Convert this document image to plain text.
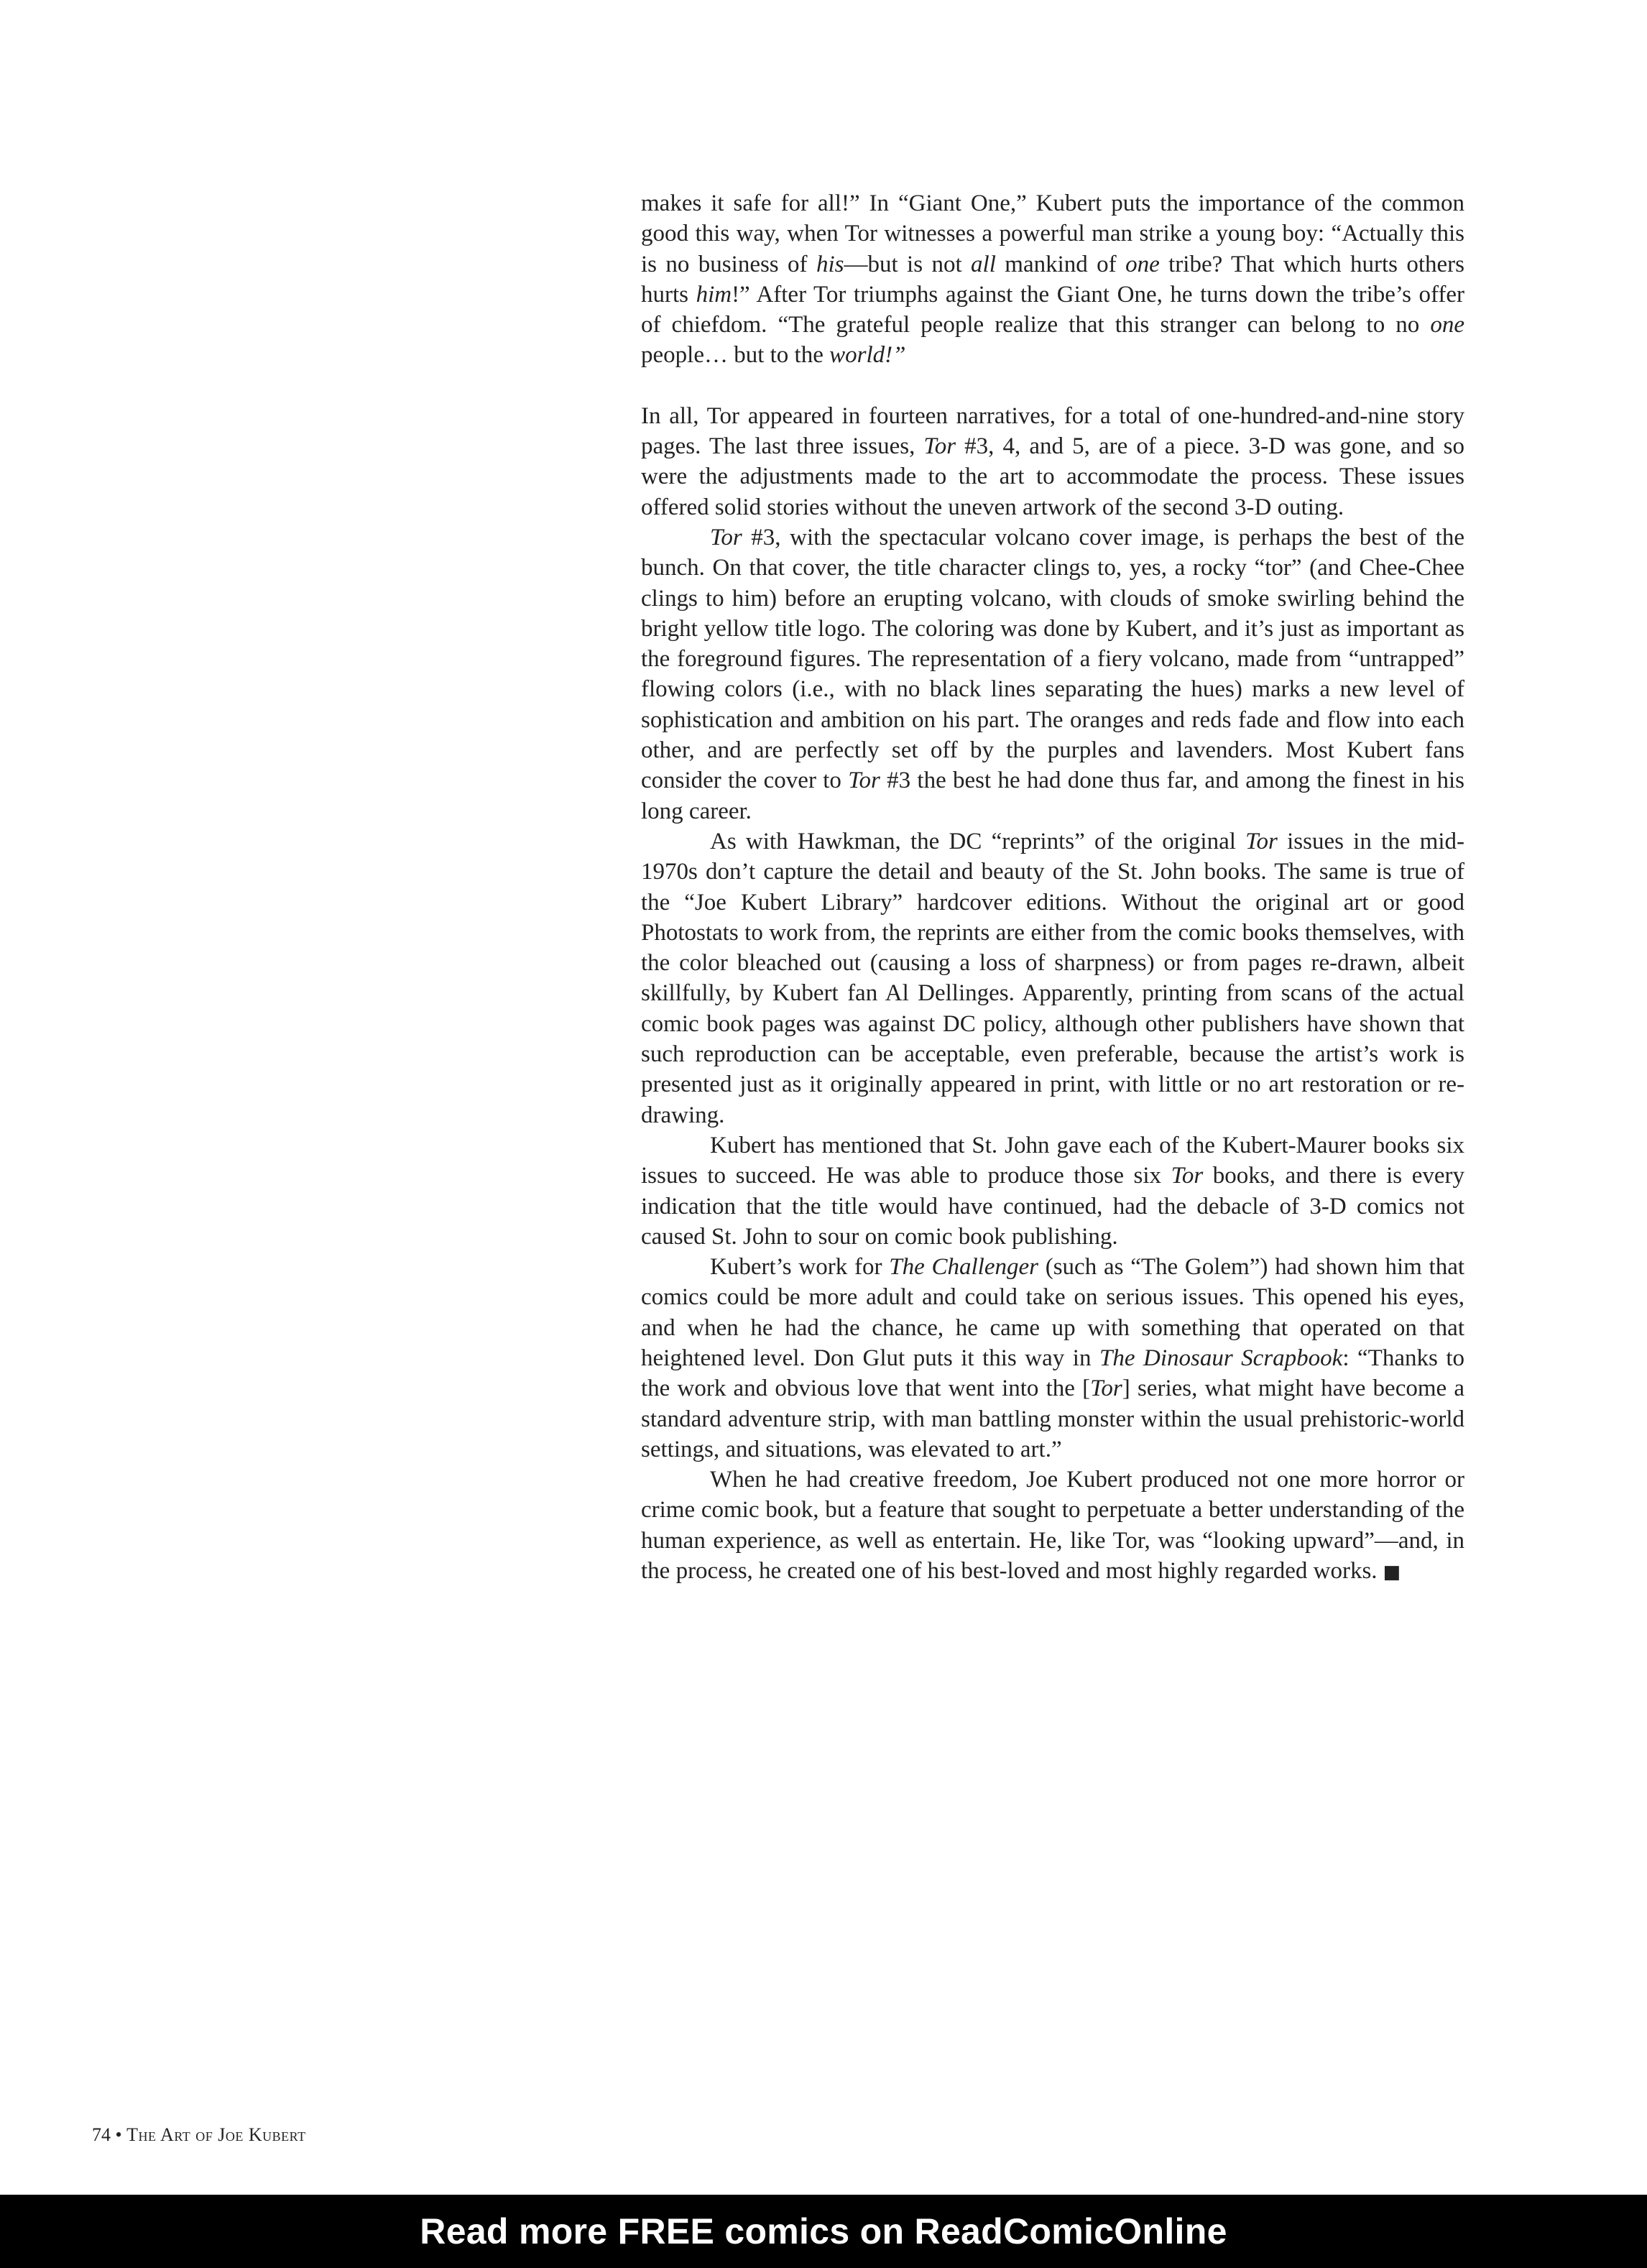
makes it safe for all!” In “Giant One,” Kubert puts the importance of the common good this way, when Tor witnesses a powerful man strike a young boy: “Actually this is no business of his—but is not all mankind of one tribe? That which hurts others hurts him!” After Tor triumphs against the Giant One, he turns down the tribe’s offer of chiefdom. “The grateful people realize that this stranger can belong to no one people… but to the world!”

In all, Tor appeared in fourteen narratives, for a total of one-hundred-and-nine story pages. The last three issues, Tor #3, 4, and 5, are of a piece. 3-D was gone, and so were the adjustments made to the art to accommodate the process. These issues offered solid stories without the uneven artwork of the second 3-D outing.

Tor #3, with the spectacular volcano cover image, is perhaps the best of the bunch. On that cover, the title character clings to, yes, a rocky “tor” (and Chee-Chee clings to him) before an erupting volcano, with clouds of smoke swirling behind the bright yellow title logo. The coloring was done by Kubert, and it’s just as important as the foreground figures. The representation of a fiery volcano, made from “untrapped” flowing colors (i.e., with no black lines separating the hues) marks a new level of sophistication and ambition on his part. The oranges and reds fade and flow into each other, and are perfectly set off by the purples and lavenders. Most Kubert fans consider the cover to Tor #3 the best he had done thus far, and among the finest in his long career.

As with Hawkman, the DC “reprints” of the original Tor issues in the mid-1970s don’t capture the detail and beauty of the St. John books. The same is true of the “Joe Kubert Library” hardcover editions. Without the original art or good Photostats to work from, the reprints are either from the comic books themselves, with the color bleached out (causing a loss of sharpness) or from pages re-drawn, albeit skillfully, by Kubert fan Al Dellinges. Apparently, printing from scans of the actual comic book pages was against DC policy, although other publishers have shown that such reproduction can be acceptable, even preferable, because the artist’s work is presented just as it originally appeared in print, with little or no art restoration or re-drawing.

Kubert has mentioned that St. John gave each of the Kubert-Maurer books six issues to succeed. He was able to produce those six Tor books, and there is every indication that the title would have continued, had the debacle of 3-D comics not caused St. John to sour on comic book publishing.

Kubert’s work for The Challenger (such as “The Golem”) had shown him that comics could be more adult and could take on serious issues. This opened his eyes, and when he had the chance, he came up with something that operated on that heightened level. Don Glut puts it this way in The Dinosaur Scrapbook: “Thanks to the work and obvious love that went into the [Tor] series, what might have become a standard adventure strip, with man battling monster within the usual prehistoric-world settings, and situations, was elevated to art.”

When he had creative freedom, Joe Kubert produced not one more horror or crime comic book, but a feature that sought to perpetuate a better understanding of the human experience, as well as entertain. He, like Tor, was “looking upward”—and, in the process, he created one of his best-loved and most highly regarded works. ■

74 • The Art of Joe Kubert
Read more FREE comics on ReadComicOnline
